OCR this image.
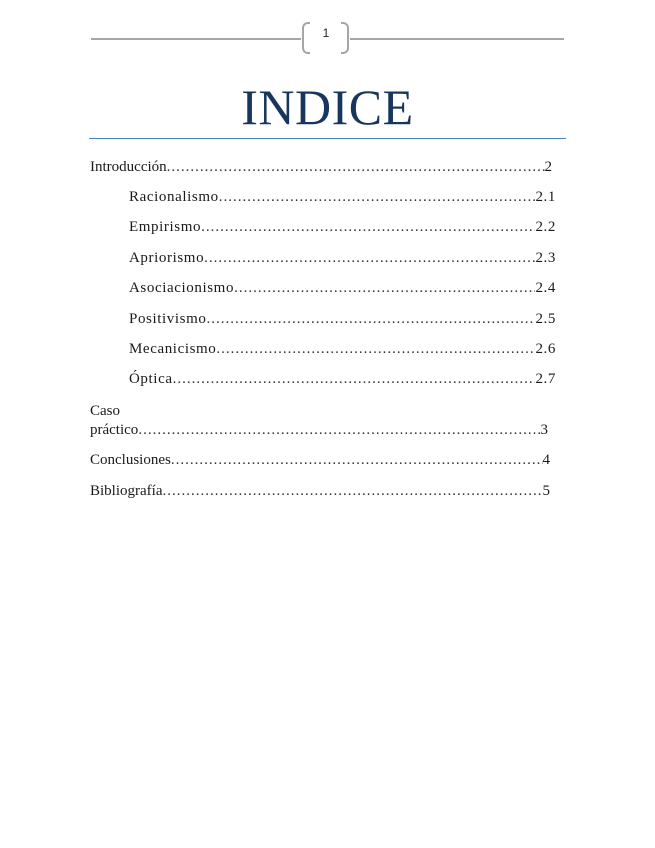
1
INDICE
Introducción .....	2
Racionalismo .....	2.1
Empirismo .....	2.2
Apriorismo .....	2.3
Asociacionismo .....	2.4
Positivismo .....	2.5
Mecanicismo .....	2.6
Óptica .....	2.7
Caso
práctico .....	3
Conclusiones .....	4
Bibliografía .....	5
